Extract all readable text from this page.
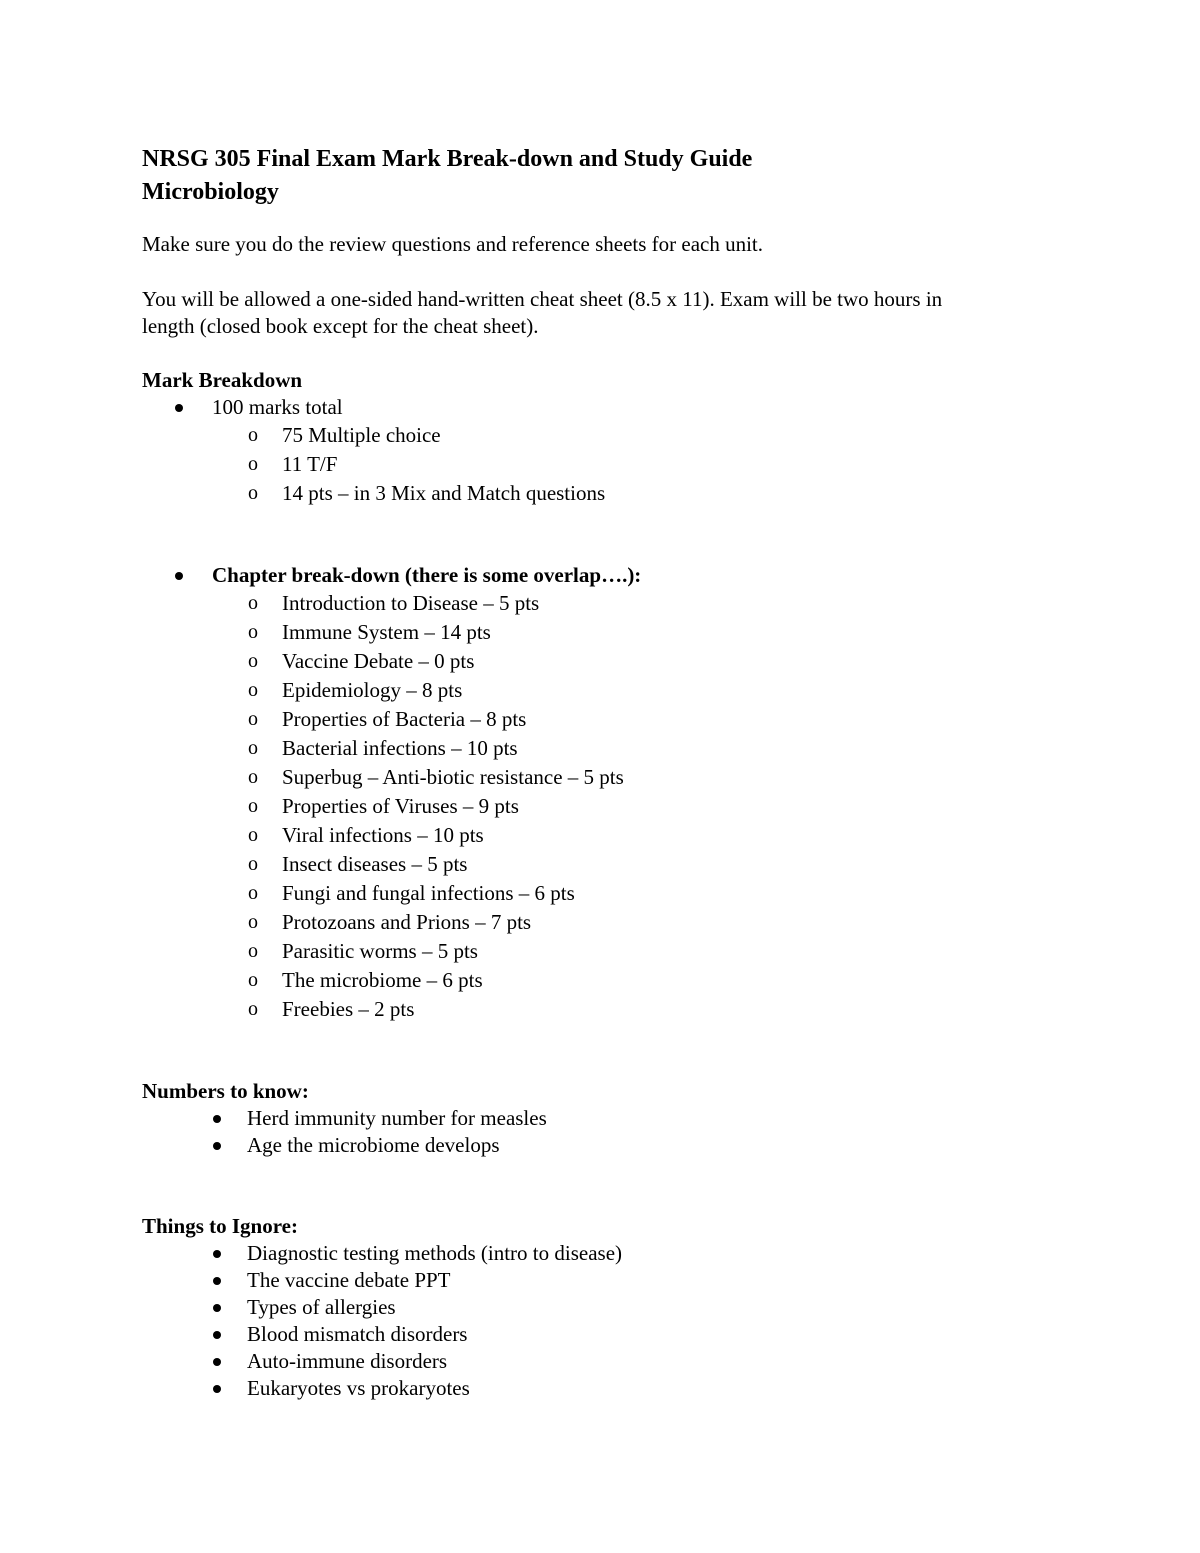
NRSG 305 Final Exam Mark Break-down and Study Guide

Microbiology

Make sure you do the review questions and reference sheets for each unit.

You will be allowed a one-sided hand-written cheat sheet (8.5 x 11). Exam will be two hours in

length (closed book except for the cheat sheet).

Mark Breakdown

100 marks total
o 75 Multiple choice
o 11 T/F
o 14 pts – in 3 Mix and Match questions
Chapter break-down (there is some overlap….):
o Introduction to Disease – 5 pts
o Immune System – 14 pts
o Vaccine Debate – 0 pts
o Epidemiology – 8 pts
o Properties of Bacteria – 8 pts
o Bacterial infections – 10 pts
o Superbug – Anti-biotic resistance – 5 pts
o Properties of Viruses – 9 pts
o Viral infections – 10 pts
o Insect diseases – 5 pts
o Fungi and fungal infections – 6 pts
o Protozoans and Prions – 7 pts
o Parasitic worms – 5 pts
o The microbiome – 6 pts
o Freebies – 2 pts

Numbers to know:

Herd immunity number for measles
Age the microbiome develops

Things to Ignore:

Diagnostic testing methods (intro to disease)
The vaccine debate PPT
Types of allergies
Blood mismatch disorders
Auto-immune disorders
Eukaryotes vs prokaryotes
